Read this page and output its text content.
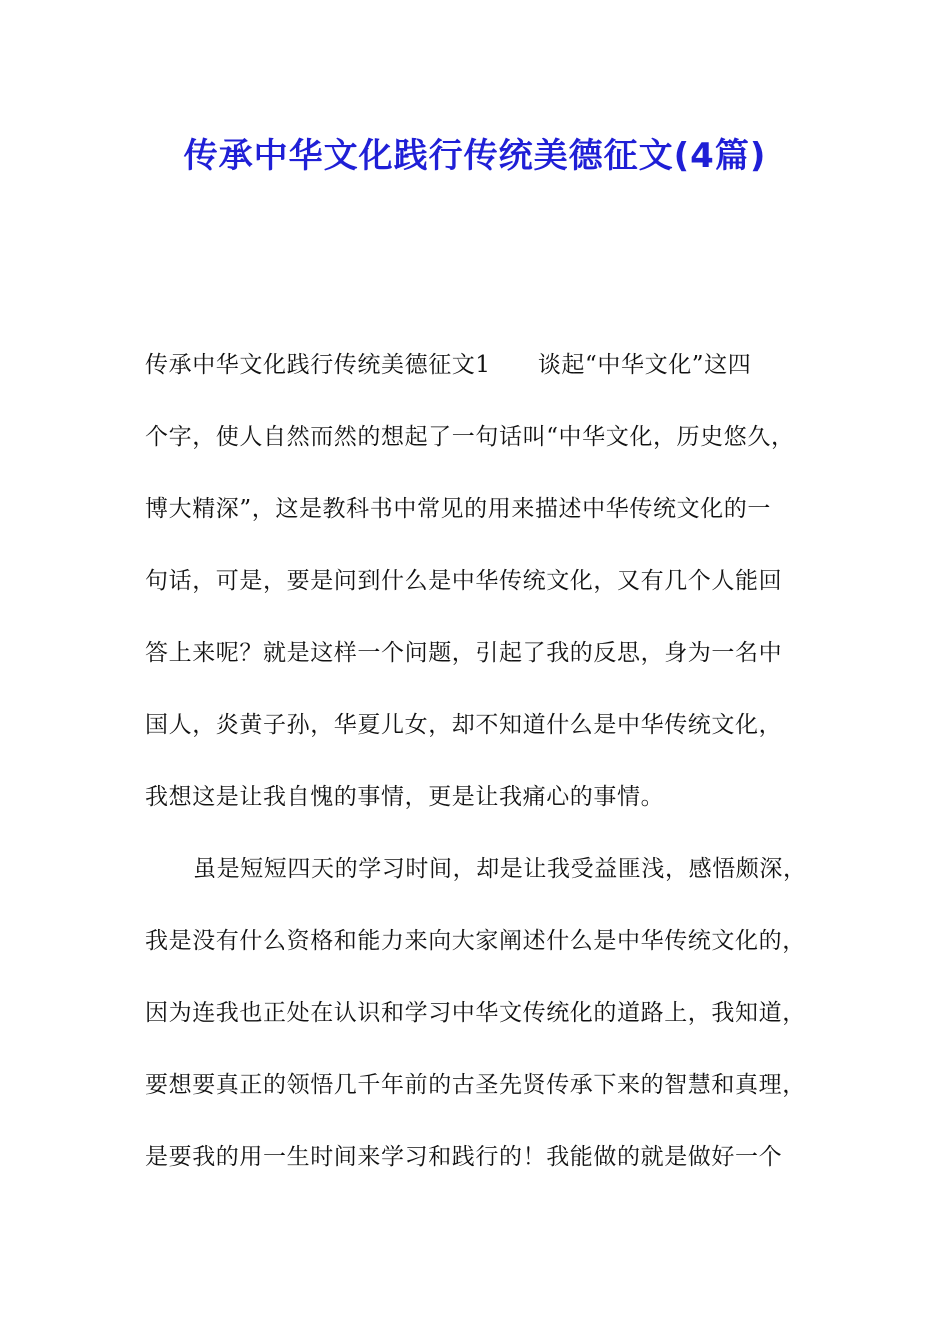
传承中华文化践行传统美德征文(4篇)

传承中华文化践行传统美德征文1　　谈起“中华文化”这四

个字，使人自然而然的想起了一句话叫“中华文化，历史悠久，

博大精深”，这是教科书中常见的用来描述中华传统文化的一

句话，可是，要是问到什么是中华传统文化，又有几个人能回

答上来呢？就是这样一个问题，引起了我的反思，身为一名中

国人，炎黄子孙，华夏儿女，却不知道什么是中华传统文化，

我想这是让我自愧的事情，更是让我痛心的事情。

虽是短短四天的学习时间，却是让我受益匪浅，感悟颇深，

我是没有什么资格和能力来向大家阐述什么是中华传统文化的，

因为连我也正处在认识和学习中华文传统化的道路上，我知道，

要想要真正的领悟几千年前的古圣先贤传承下来的智慧和真理，

是要我的用一生时间来学习和践行的！我能做的就是做好一个
